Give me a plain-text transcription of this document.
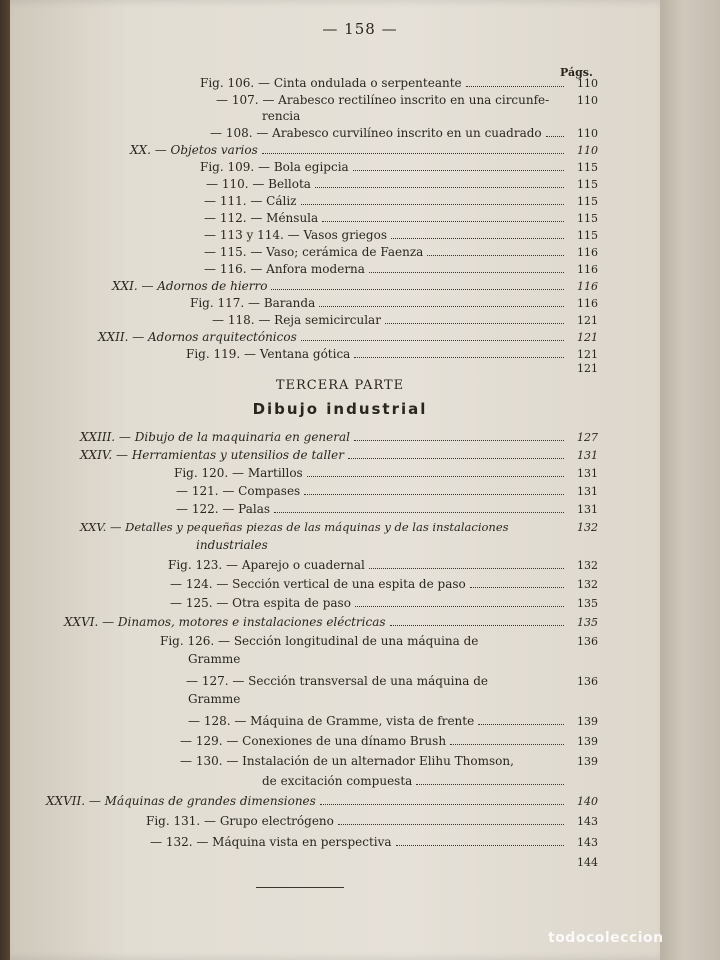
— 158 —
Págs.
Fig. 106. — Cinta ondulada o serpenteante	110
— 107. — Arabesco rectilíneo inscrito en una circunfe-	110
rencia
— 108. — Arabesco curvilíneo inscrito en un cuadrado	110
XX. — Objetos varios	110
Fig. 109. — Bola egipcia	115
— 110. — Bellota	115
— 111. — Cáliz	115
— 112. — Ménsula	115
— 113 y 114. — Vasos griegos	115
— 115. — Vaso; cerámica de Faenza	116
— 116. — Anfora moderna	116
XXI. — Adornos de hierro	116
Fig. 117. — Baranda	116
— 118. — Reja semicircular	121
XXII. — Adornos arquitectónicos	121
Fig. 119. — Ventana gótica	121
121
TERCERA PARTE
Dibujo industrial
XXIII. — Dibujo de la maquinaria en general	127
XXIV. — Herramientas y utensilios de taller	131
Fig. 120. — Martillos	131
— 121. — Compases	131
— 122. — Palas	131
XXV. — Detalles y pequeñas piezas de las máquinas y de las instalaciones	132
industriales
Fig. 123. — Aparejo o cuadernal	132
— 124. — Sección vertical de una espita de paso	132
— 125. — Otra espita de paso	135
XXVI. — Dinamos, motores e instalaciones eléctricas	135
Fig. 126. — Sección longitudinal de una máquina de	136
Gramme
— 127. — Sección transversal de una máquina de	136
Gramme
— 128. — Máquina de Gramme, vista de frente	139
— 129. — Conexiones de una dínamo Brush	139
— 130. — Instalación de un alternador Elihu Thomson,	139
de excitación compuesta
XXVII. — Máquinas de grandes dimensiones	140
Fig. 131. — Grupo electrógeno	143
— 132. — Máquina vista en perspectiva	143
144
todocoleccion
